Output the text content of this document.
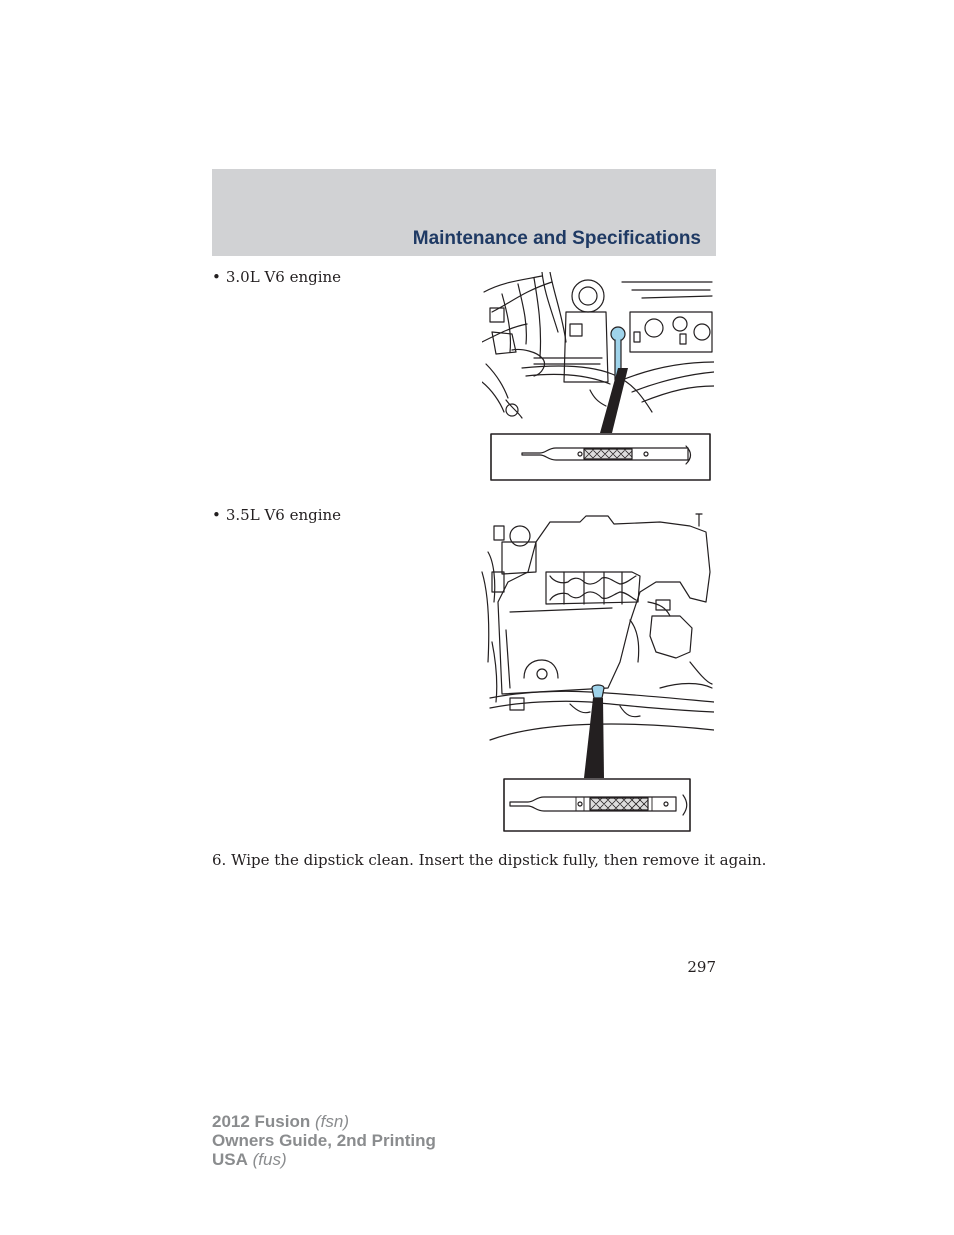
Maintenance and Specifications
• 3.0L V6 engine
• 3.5L V6 engine

6. Wipe the dipstick clean. Insert the dipstick fully, then remove it again.

297
2012 Fusion (fsn)
Owners Guide, 2nd Printing
USA (fus)
